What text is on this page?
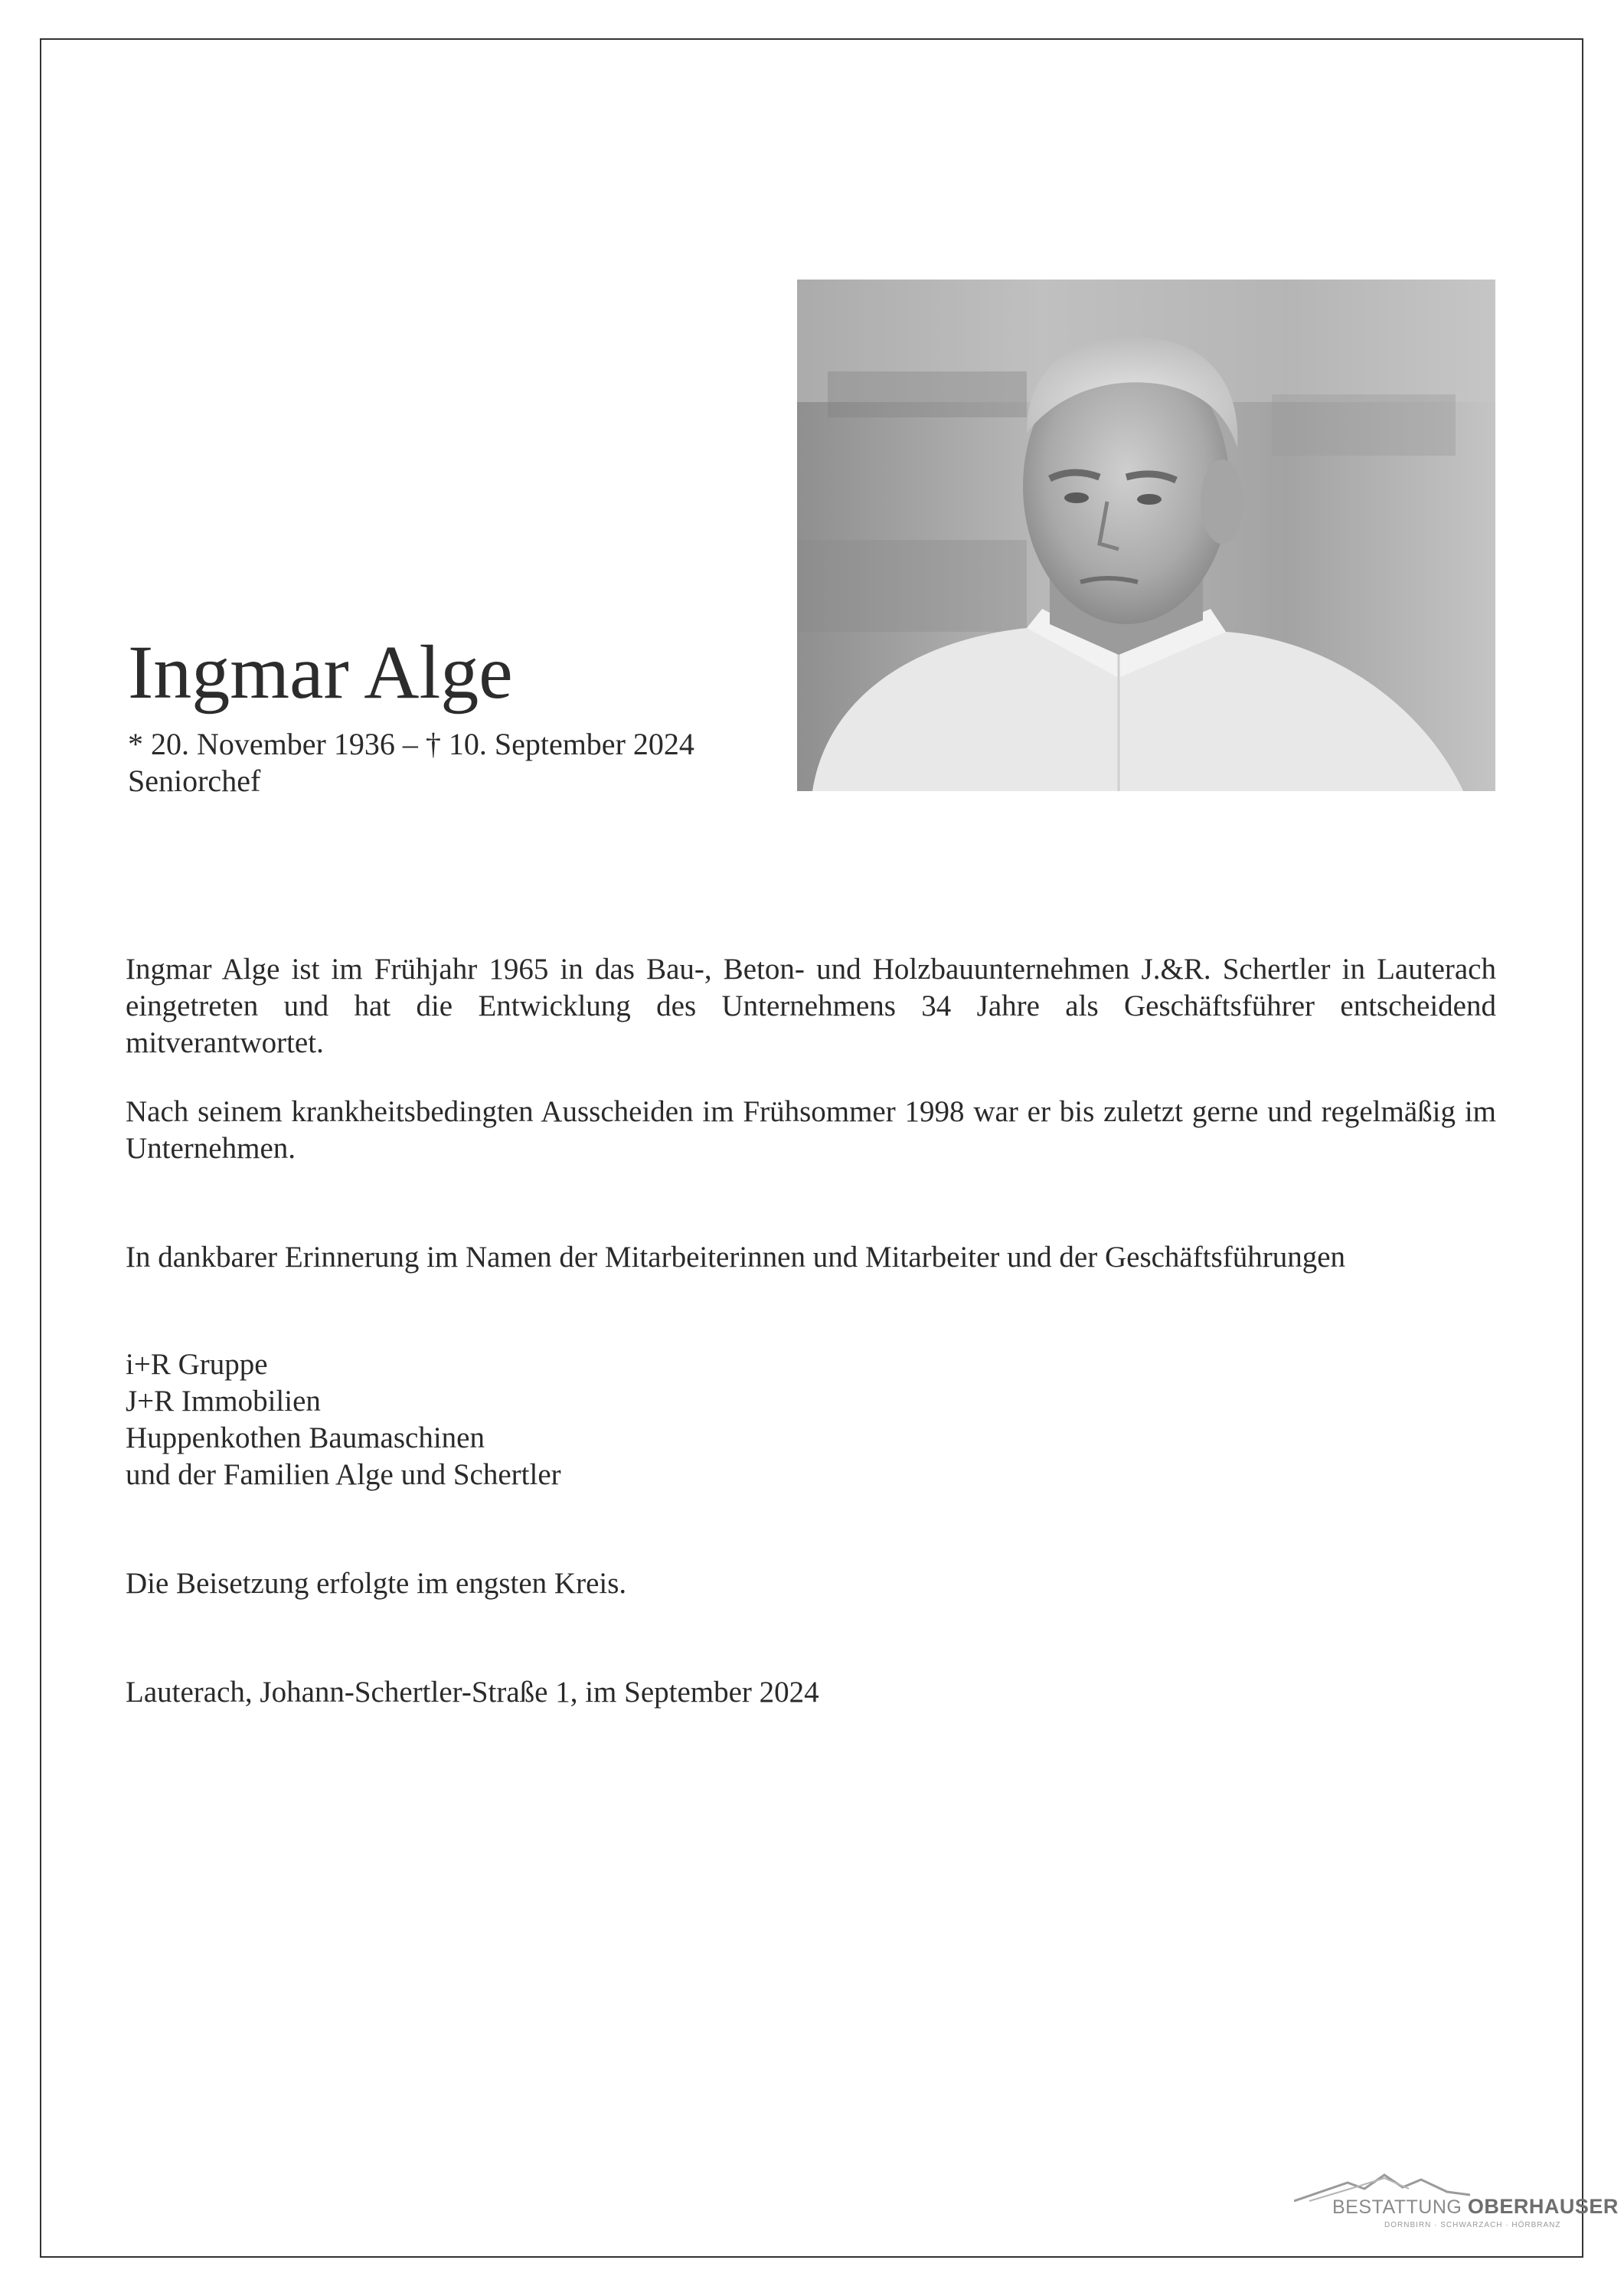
Ingmar Alge
* 20. November 1936 – † 10. September 2024
Seniorchef
Ingmar Alge ist im Frühjahr 1965 in das Bau-, Beton- und Holzbauunternehmen J.&R. Schertler in Lauterach eingetreten und hat die Entwicklung des Unternehmens 34 Jahre als Geschäftsführer entscheidend mitverantwortet.
Nach seinem krankheitsbedingten Ausscheiden im Frühsommer 1998 war er bis zuletzt gerne und regelmäßig im Unternehmen.
In dankbarer Erinnerung im Namen der Mitarbeiterinnen und Mitarbeiter und der Geschäftsführungen
i+R Gruppe
J+R Immobilien
Huppenkothen Baumaschinen
und der Familien Alge und Schertler
Die Beisetzung erfolgte im engsten Kreis.
Lauterach, Johann-Schertler-Straße 1, im September 2024
BESTATTUNG OBERHAUSER
DORNBIRN · SCHWARZACH · HÖRBRANZ
